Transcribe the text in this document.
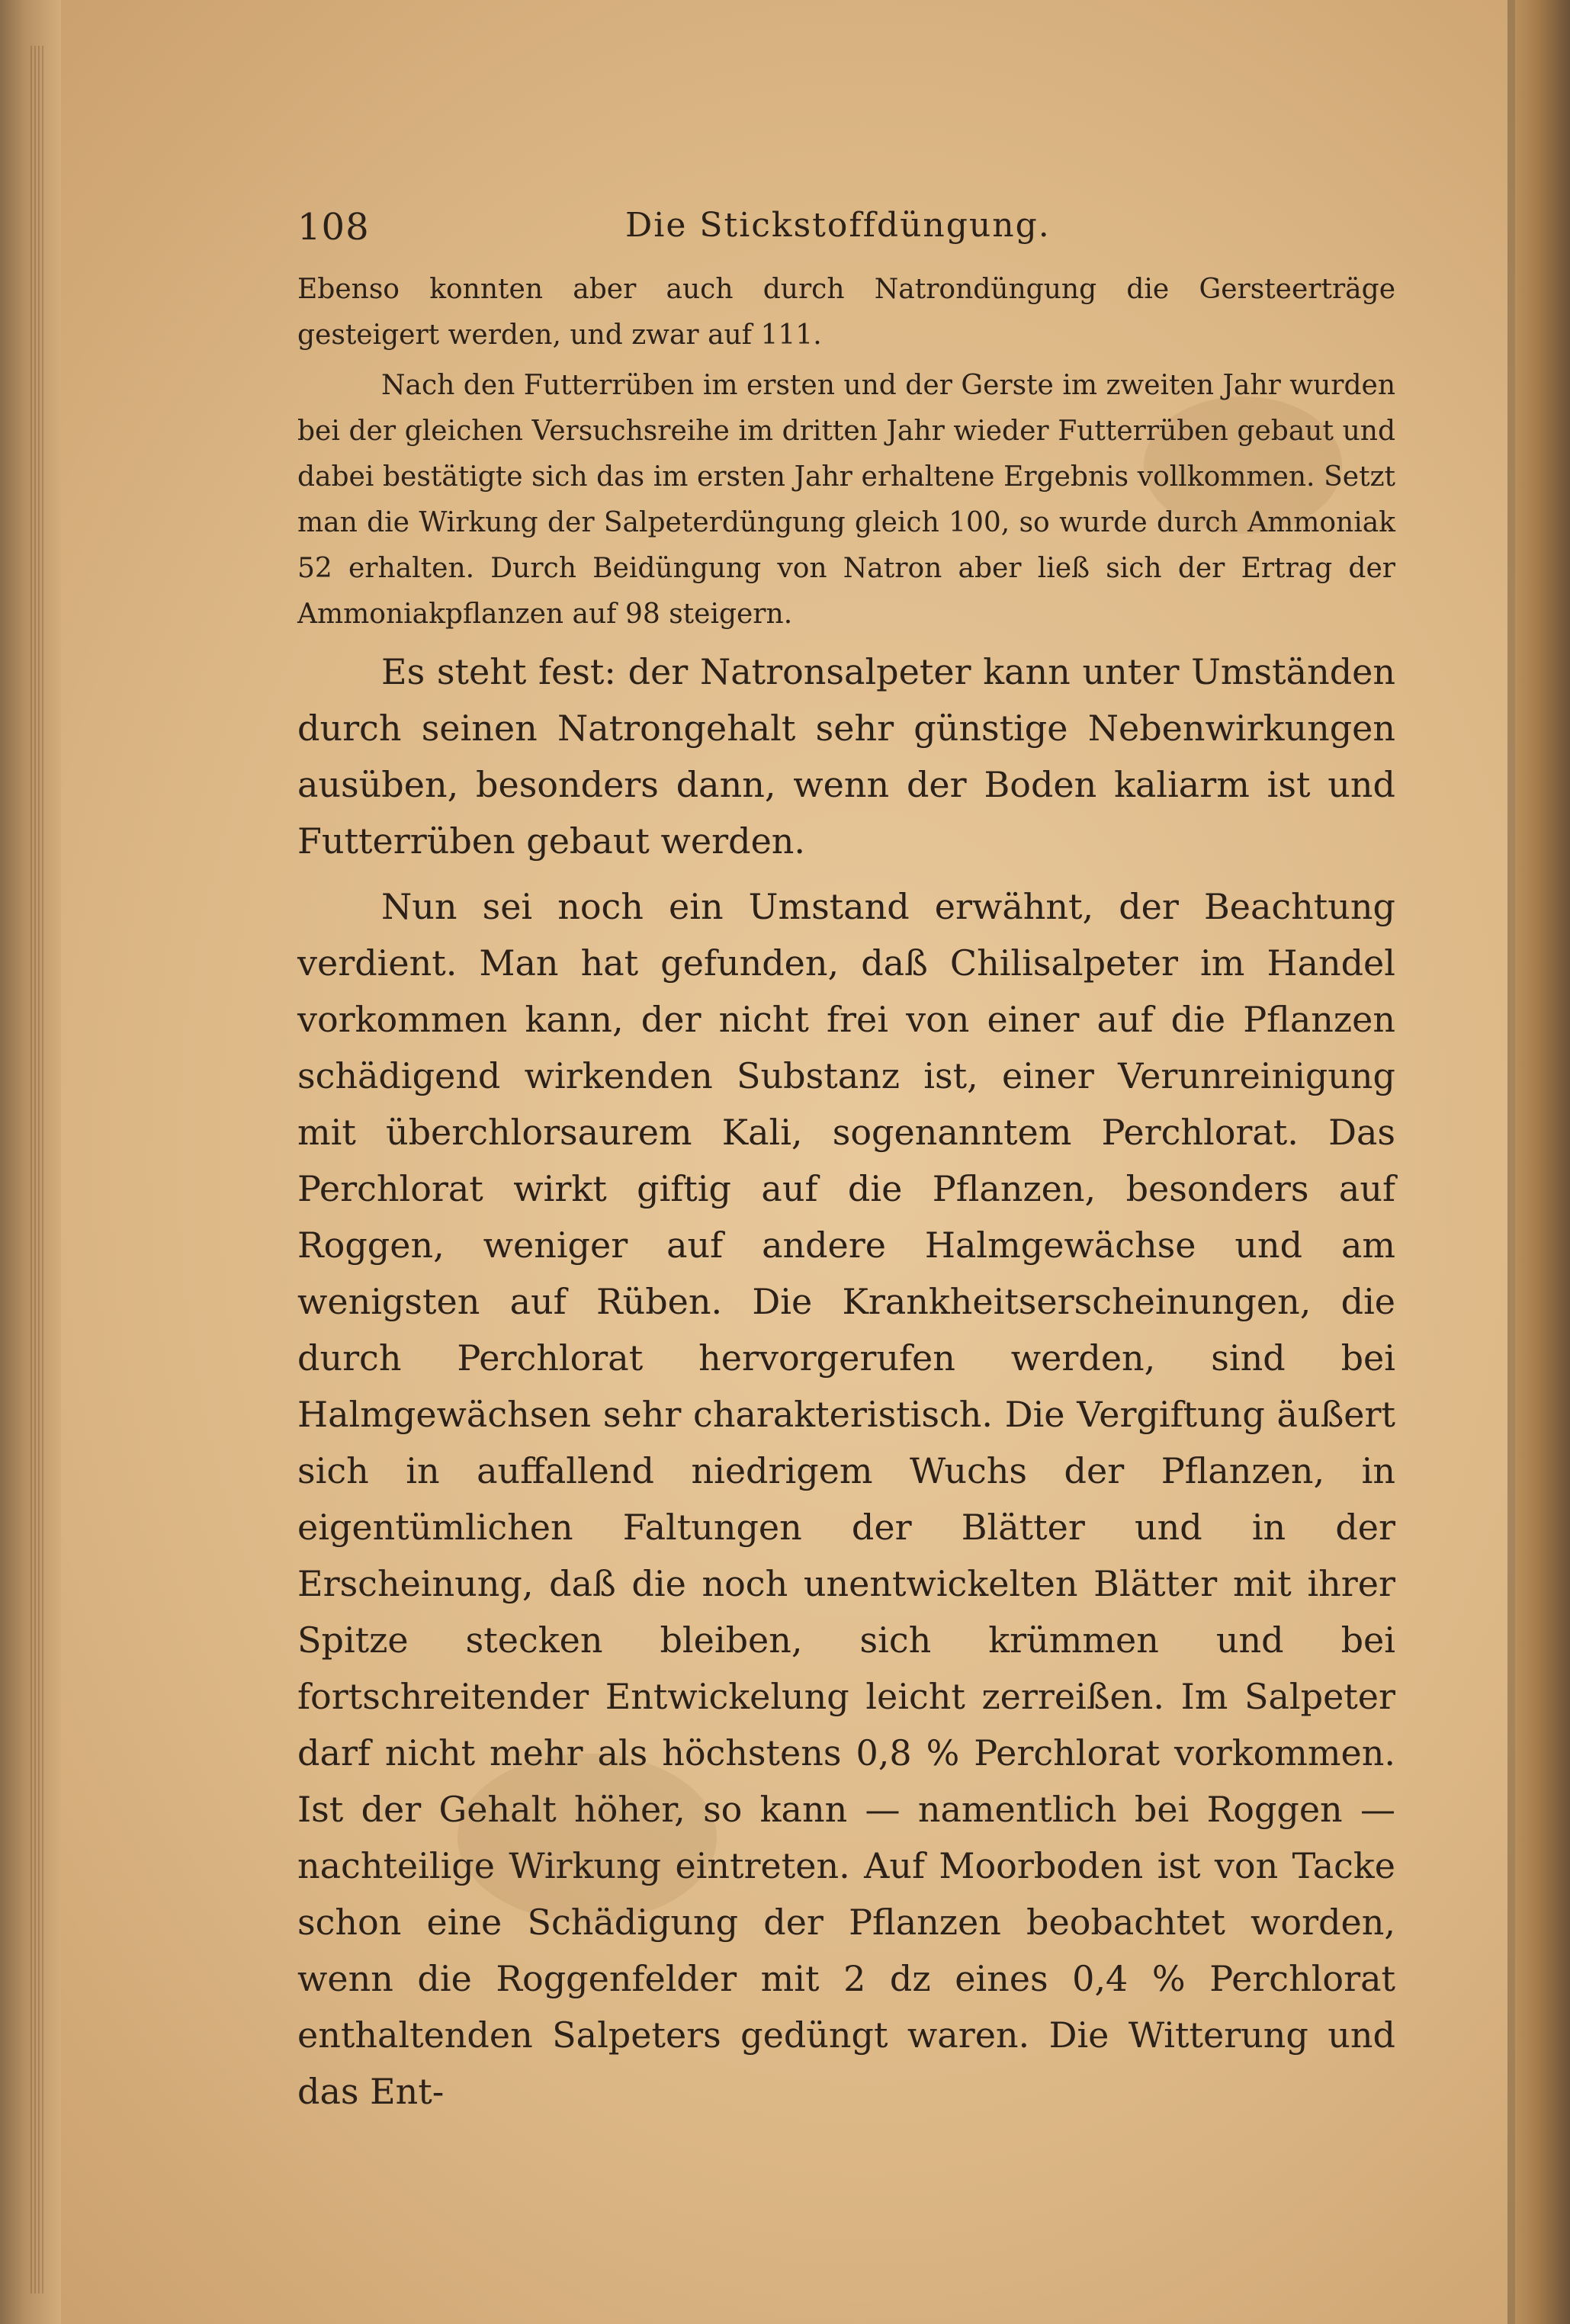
108	Die Stickstoffdüngung.

Ebenso konnten aber auch durch Natrondüngung die Gersteerträge gesteigert werden, und zwar auf 111.

Nach den Futterrüben im ersten und der Gerste im zweiten Jahr wurden bei der gleichen Versuchsreihe im dritten Jahr wieder Futterrüben gebaut und dabei bestätigte sich das im ersten Jahr erhaltene Ergebnis vollkommen. Setzt man die Wirkung der Salpeterdüngung gleich 100, so wurde durch Ammoniak 52 erhalten. Durch Beidüngung von Natron aber ließ sich der Ertrag der Ammoniakpflanzen auf 98 steigern.

Es steht fest: der Natronsalpeter kann unter Umständen durch seinen Natrongehalt sehr günstige Nebenwirkungen ausüben, besonders dann, wenn der Boden kaliarm ist und Futterrüben gebaut werden.

Nun sei noch ein Umstand erwähnt, der Beachtung verdient. Man hat gefunden, daß Chilisalpeter im Handel vorkommen kann, der nicht frei von einer auf die Pflanzen schädigend wirkenden Substanz ist, einer Verunreinigung mit überchlorsaurem Kali, sogenanntem Perchlorat. Das Perchlorat wirkt giftig auf die Pflanzen, besonders auf Roggen, weniger auf andere Halmgewächse und am wenigsten auf Rüben. Die Krankheitserscheinungen, die durch Perchlorat hervorgerufen werden, sind bei Halmgewächsen sehr charakteristisch. Die Vergiftung äußert sich in auffallend niedrigem Wuchs der Pflanzen, in eigentümlichen Faltungen der Blätter und in der Erscheinung, daß die noch unentwickelten Blätter mit ihrer Spitze stecken bleiben, sich krümmen und bei fortschreitender Entwickelung leicht zerreißen. Im Salpeter darf nicht mehr als höchstens 0,8 % Perchlorat vorkommen. Ist der Gehalt höher, so kann — namentlich bei Roggen — nachteilige Wirkung eintreten. Auf Moorboden ist von Tacke schon eine Schädigung der Pflanzen beobachtet worden, wenn die Roggenfelder mit 2 dz eines 0,4 % Perchlorat enthaltenden Salpeters gedüngt waren. Die Witterung und das Ent-
